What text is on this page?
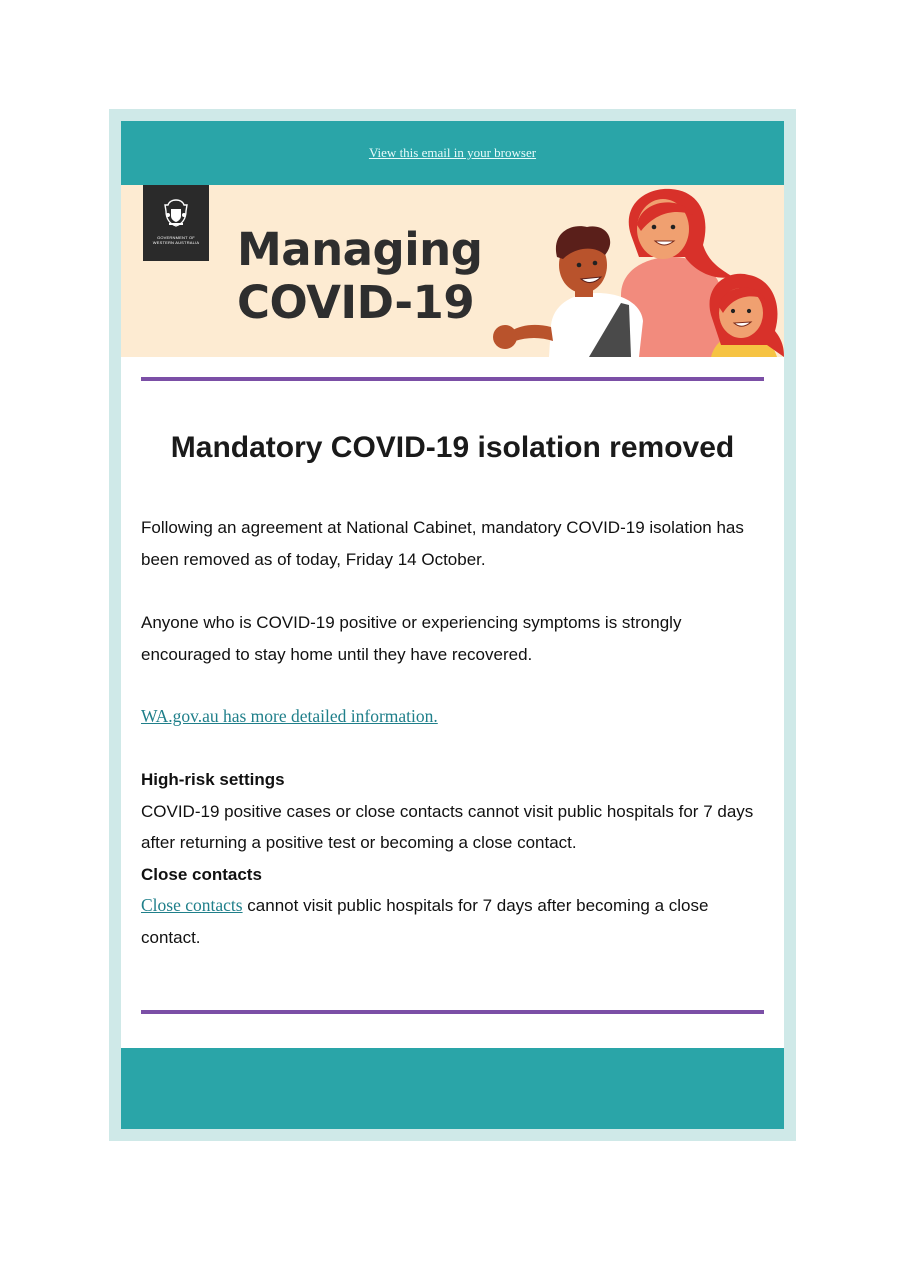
View this email in your browser
GOVERNMENT OF WESTERN AUSTRALIA Managing
COVID-19
Mandatory COVID-19 isolation removed

Following an agreement at National Cabinet, mandatory COVID-19 isolation has been removed as of today, Friday 14 October.

Anyone who is COVID-19 positive or experiencing symptoms is strongly encouraged to stay home until they have recovered.

WA.gov.au has more detailed information.

High-risk settings

COVID-19 positive cases or close contacts cannot visit public hospitals for 7 days after returning a positive test or becoming a close contact.

Close contacts

Close contacts cannot visit public hospitals for 7 days after becoming a close contact.
